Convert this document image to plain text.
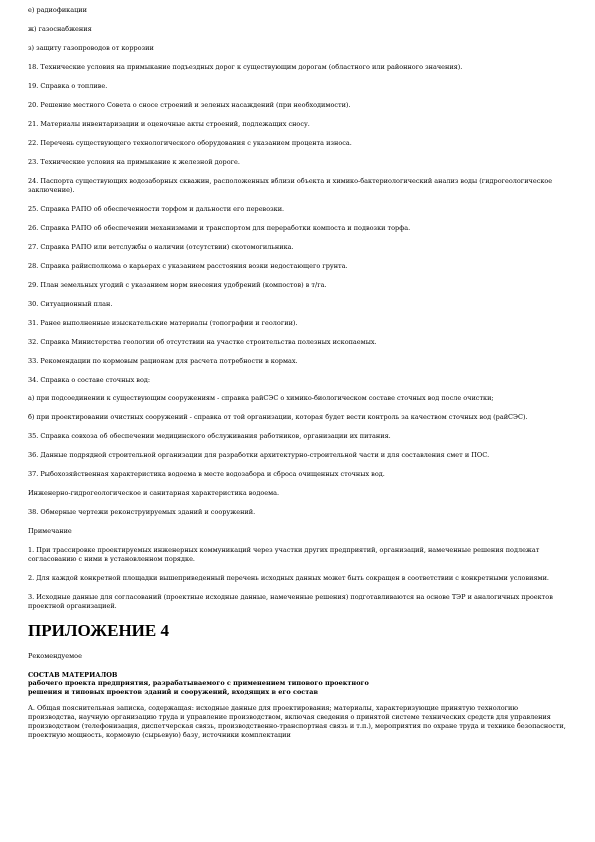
е) радиофикации

ж) газоснабжения

з) защиту газопроводов от коррозии

18. Технические условия на примыкание подъездных дорог к существующим дорогам (областного или районного значения).

19. Справка о топливе.

20. Решение местного Совета о сносе строений и зеленых насаждений (при необходимости).

21. Материалы инвентаризации и оценочные акты строений, подлежащих сносу.

22. Перечень существующего технологического оборудования с указанием процента износа.

23. Технические условия на примыкание к железной дороге.

24. Паспорта существующих водозаборных скважин, расположенных вблизи объекта и химико-бактериологический анализ воды (гидрогеологическое заключение).

25. Справка РАПО об обеспеченности торфом и дальности его перевозки.

26. Справка РАПО об обеспечении механизмами и транспортом для переработки компоста и подвозки торфа.

27. Справка РАПО или ветслужбы о наличии (отсутствии) скотомогильника.

28. Справка райисполкома о карьерах с указанием расстояния возки недостающего грунта.

29. План земельных угодий с указанием норм внесения удобрений (компостов) в т/га.

30. Ситуационный план.

31. Ранее выполненные изыскательские материалы (топографии и геологии).

32. Справка Министерства геологии об отсутствии на участке строительства полезных ископаемых.

33. Рекомендации по кормовым рационам для расчета потребности в кормах.

34. Справка о составе сточных вод:

а) при подсоединении к существующим сооружениям - справка райСЭС о химико-биологическом составе сточных вод после очистки;

б) при проектировании очистных сооружений - справка от той организации, которая будет вести контроль за качеством сточных вод (райСЭС).

35. Справка совхоза об обеспечении медицинского обслуживания работников, организации их питания.

36. Данные подрядной строительной организации для разработки архитектурно-строительной части и для составления смет и ПОС.

37. Рыбохозяйственная характеристика водоема в месте водозабора и сброса очищенных сточных вод.

Инженерно-гидрогеологическое и санитарная характеристика водоема.

38. Обмерные чертежи реконструируемых зданий и сооружений.

Примечание

1. При трассировке проектируемых инженерных коммуникаций через участки других предприятий, организаций, намеченные решения подлежат согласованию с ними в установленном порядке.

2. Для каждой конкретной площадки вышеприведенный перечень исходных данных может быть сокращен в соответствии с конкретными условиями.

3. Исходные данные для согласований (проектные исходные данные, намеченные решения) подготавливаются на основе ТЭР и аналогичных проектов проектной организацией.

ПРИЛОЖЕНИЕ 4

Рекомендуемое

СОСТАВ МАТЕРИАЛОВ

рабочего проекта предприятия, разрабатываемого с применением типового проектного

решения и типовых проектов зданий и сооружений, входящих в его состав

А. Общая пояснительная записка, содержащая: исходные данные для проектирования; материалы, характеризующие принятую технологию производства, научную организацию труда и управление производством, включая сведения о принятой системе технических средств для управления производством (телефонизация, диспетчерская связь, производственно-транспортная связь и т.п.), мероприятия по охране труда и технике безопасности, проектную мощность, кормовую (сырьевую) базу, источники комплектации
